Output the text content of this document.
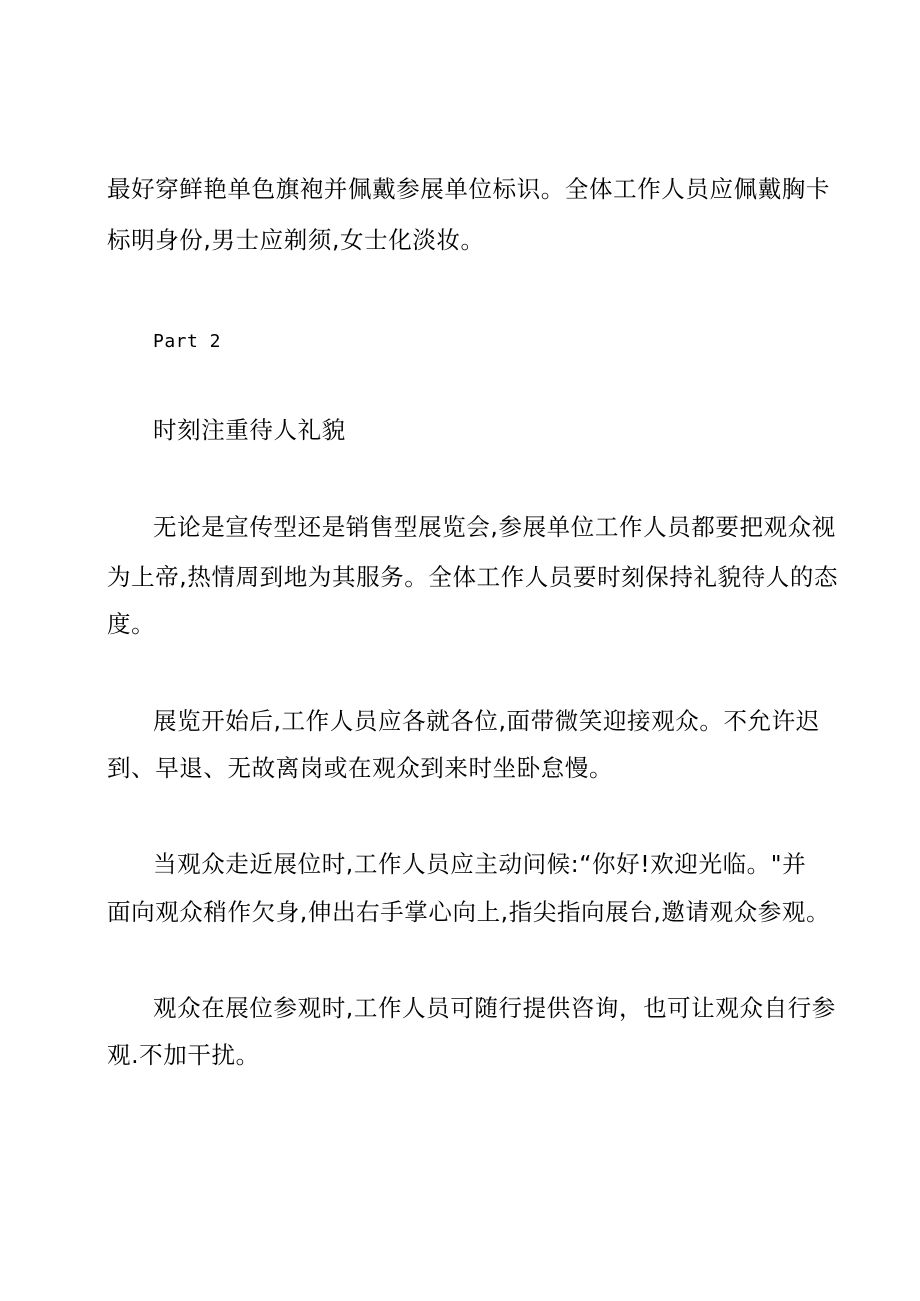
最好穿鲜艳单色旗袍并佩戴参展单位标识。全体工作人员应佩戴胸卡
标明身份,男士应剃须,女士化淡妆。
Part 2
时刻注重待人礼貌
无论是宣传型还是销售型展览会,参展单位工作人员都要把观众视
为上帝,热情周到地为其服务。全体工作人员要时刻保持礼貌待人的态
度。
展览开始后,工作人员应各就各位,面带微笑迎接观众。不允许迟
到、早退、无故离岗或在观众到来时坐卧怠慢。
当观众走近展位时,工作人员应主动问候:“你好!欢迎光临。"并
面向观众稍作欠身,伸出右手掌心向上,指尖指向展台,邀请观众参观。
观众在展位参观时,工作人员可随行提供咨询，也可让观众自行参
观.不加干扰。
